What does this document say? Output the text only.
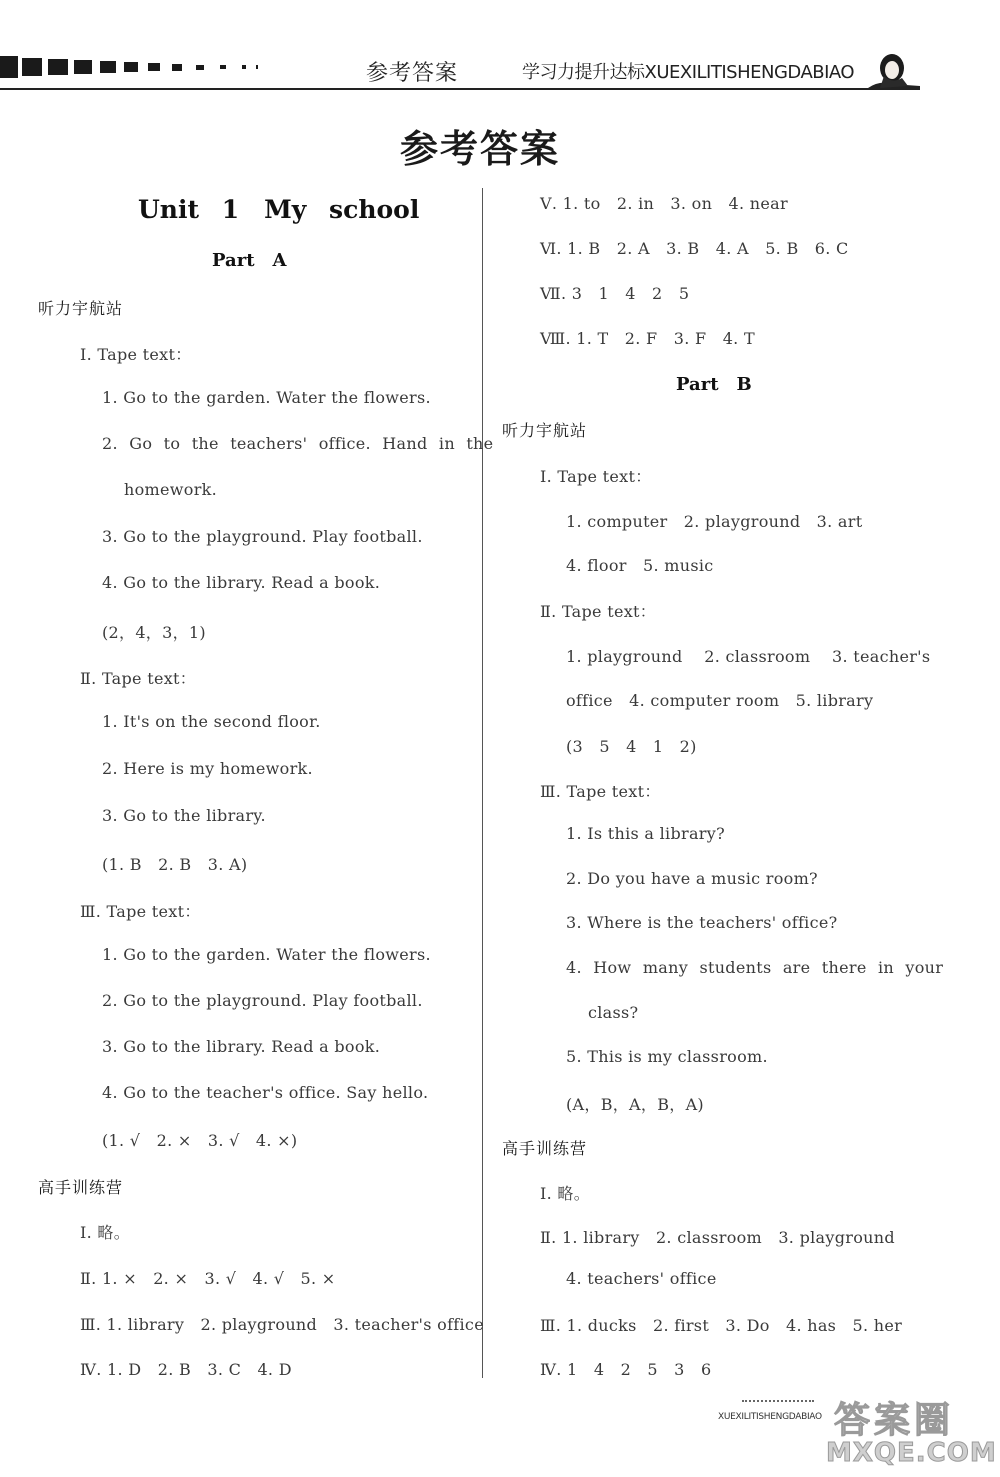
参考答案	学习力提升达标XUEXILITISHENGDABIAO
参考答案
Unit 1　My school
Part　A
听力宇航站
Ⅰ. Tape text：
1. Go to the garden. Water the flowers.
2. Go to the teachers' office. Hand in the
homework.
3. Go to the playground. Play football.
4. Go to the library. Read a book.
(2，4，3，1)
Ⅱ. Tape text：
1. It's on the second floor.
2. Here is my homework.
3. Go to the library.
(1. B　2. B　3. A)
Ⅲ. Tape text：
1. Go to the garden. Water the flowers.
2. Go to the playground. Play football.
3. Go to the library. Read a book.
4. Go to the teacher's office. Say hello.
(1. √　2. ×　3. √　4. ×)
高手训练营
Ⅰ. 略。
Ⅱ. 1. ×　2. ×　3. √　4. √　5. ×
Ⅲ. 1. library　2. playground　3. teacher's office
Ⅳ. 1. D　2. B　3. C　4. D
Ⅴ. 1. to　2. in　3. on　4. near
Ⅵ. 1. B　2. A　3. B　4. A　5. B　6. C
Ⅶ. 3　1　4　2　5
Ⅷ. 1. T　2. F　3. F　4. T
Part　B
听力宇航站
Ⅰ. Tape text：
1. computer　2. playground　3. art
4. floor　5. music
Ⅱ. Tape text：
1. playground　 2. classroom　 3. teacher's
office　4. computer room　5. library
(3　5　4　1　2)
Ⅲ. Tape text：
1. Is this a library?
2. Do you have a music room?
3. Where is the teachers' office?
4. How many students are there in your
class?
5. This is my classroom.
(A，B，A，B，A)
高手训练营
Ⅰ. 略。
Ⅱ. 1. library　2. classroom　3. playground
4. teachers' office
Ⅲ. 1. ducks　2. first　3. Do　4. has　5. her
Ⅳ. 1　4　2　5　3　6
XUEXILITISHENGDABIAO 答案圈
MXQE.COM
